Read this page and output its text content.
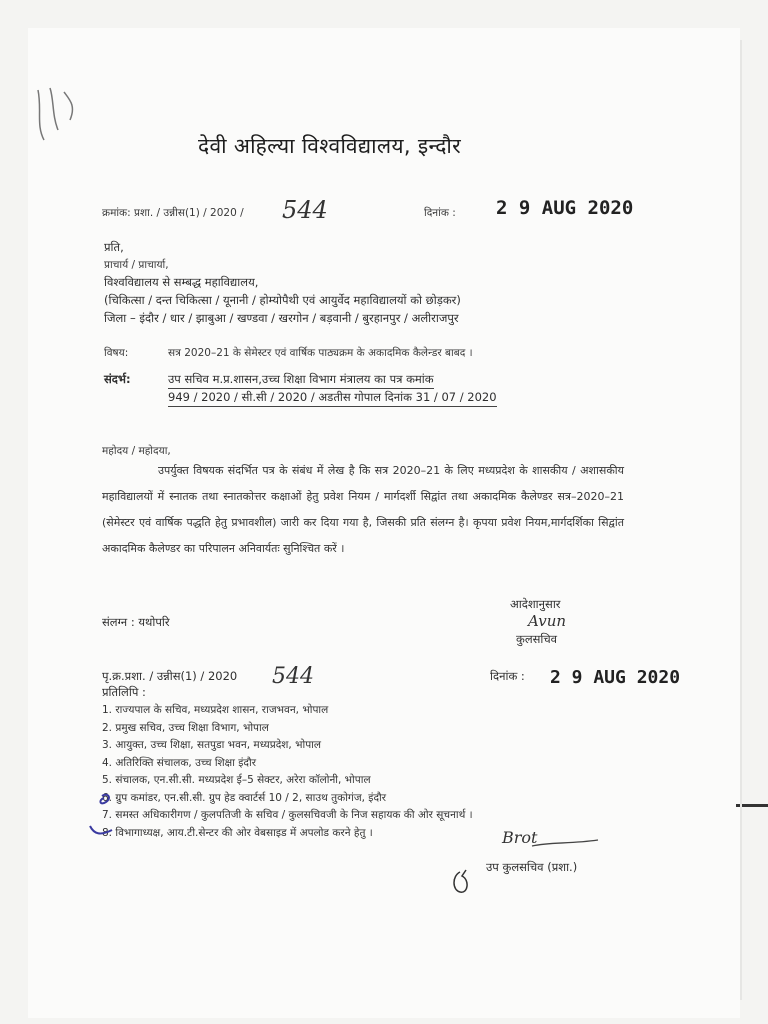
देवी अहिल्या विश्वविद्यालय, इन्दौर
क्रमांक: प्रशा. / उन्नीस(1) / 2020 / 544	दिनांक : 2 9 AUG 2020
प्रति,
प्राचार्य / प्राचार्या,
विश्वविद्यालय से सम्बद्ध महाविद्यालय,
(चिकित्सा / दन्त चिकित्सा / यूनानी / होम्योपैथी एवं आयुर्वेद महाविद्यालयों को छोड़कर)
जिला – इंदौर / धार / झाबुआ / खण्डवा / खरगोन / बड़वानी / बुरहानपुर / अलीराजपुर
विषय:	सत्र 2020–21 के सेमेस्टर एवं वार्षिक पाठ्यक्रम के अकादमिक कैलेन्डर बाबद ।
संदर्भ:	उप सचिव म.प्र.शासन,उच्च शिक्षा विभाग मंत्रालय का पत्र कमांक
949 / 2020 / सी.सी / 2020 / अडतीस गोपाल दिनांक 31 / 07 / 2020
महोदय / महोदया,
उपर्युक्त विषयक संदर्भित पत्र के संबंध में लेख है कि सत्र 2020–21 के लिए मध्यप्रदेश के शासकीय / अशासकीय महाविद्यालयों में स्नातक तथा स्नातकोत्तर कक्षाओं हेतु प्रवेश नियम / मार्गदर्शी सिद्वांत तथा अकादमिक कैलेण्डर सत्र–2020–21 (सेमेस्टर एवं वार्षिक पद्धति हेतु प्रभावशील) जारी कर दिया गया है, जिसकी प्रति संलग्न है। कृपया प्रवेश नियम,मार्गदर्शिका सिद्वांत अकादमिक कैलेण्डर का परिपालन अनिवार्यतः सुनिश्चित करें ।
संलग्न : यथोपरि
आदेशानुसार
Avun
कुलसचिव
पृ.क्र.प्रशा. / उन्नीस(1) / 2020 544	दिनांक : 2 9 AUG 2020
प्रतिलिपि :
1. राज्यपाल के सचिव, मध्यप्रदेश शासन, राजभवन, भोपाल
2. प्रमुख सचिव, उच्च शिक्षा विभाग, भोपाल
3. आयुक्त, उच्च शिक्षा, सतपुडा भवन, मध्यप्रदेश, भोपाल
4. अतिरिक्ति संचालक, उच्च शिक्षा इंदौर
5. संचालक, एन.सी.सी. मध्यप्रदेश ई–5 सेक्टर, अरेरा कॉलोनी, भोपाल
6. ग्रुप कमांडर, एन.सी.सी. ग्रुप हेड क्वार्टर्स 10 / 2, साउथ तुकोगंज, इंदौर
7. समस्त अधिकारीगण / कुलपतिजी के सचिव / कुलसचिवजी के निज सहायक की ओर सूचनार्थ ।
8. विभागाध्यक्ष, आय.टी.सेन्टर की ओर वेबसाइड में अपलोड करने हेतु ।	Brot
उप कुलसचिव (प्रशा.)
